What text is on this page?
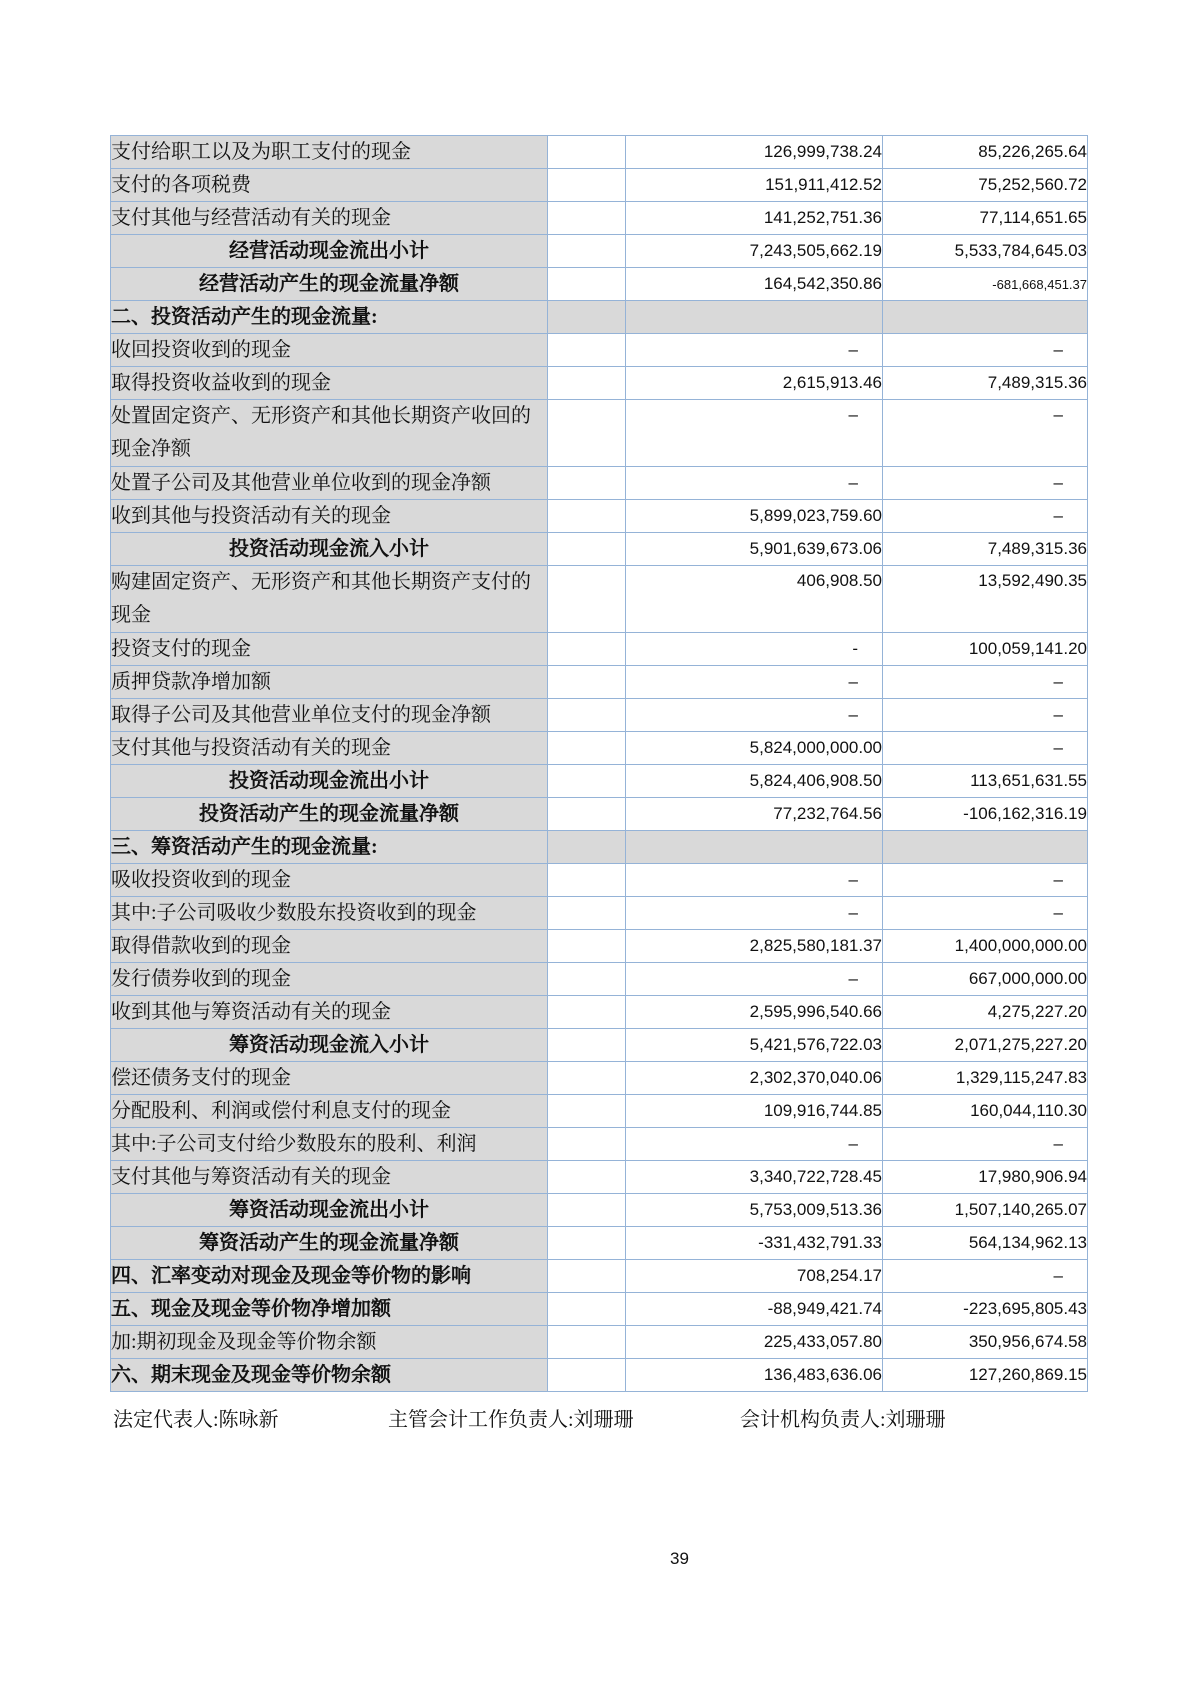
支付给职工以及为职工支付的现金		126,999,738.24	85,226,265.64
支付的各项税费		151,911,412.52	75,252,560.72
支付其他与经营活动有关的现金		141,252,751.36	77,114,651.65
经营活动现金流出小计		7,243,505,662.19	5,533,784,645.03
经营活动产生的现金流量净额		164,542,350.86	-681,668,451.37
二、投资活动产生的现金流量:			
收回投资收到的现金		–	–
取得投资收益收到的现金		2,615,913.46	7,489,315.36
处置固定资产、无形资产和其他长期资产收回的现金净额		–	–
处置子公司及其他营业单位收到的现金净额		–	–
收到其他与投资活动有关的现金		5,899,023,759.60	–
投资活动现金流入小计		5,901,639,673.06	7,489,315.36
购建固定资产、无形资产和其他长期资产支付的现金		406,908.50	13,592,490.35
投资支付的现金		-	100,059,141.20
质押贷款净增加额		–	–
取得子公司及其他营业单位支付的现金净额		–	–
支付其他与投资活动有关的现金		5,824,000,000.00	–
投资活动现金流出小计		5,824,406,908.50	113,651,631.55
投资活动产生的现金流量净额		77,232,764.56	-106,162,316.19
三、筹资活动产生的现金流量:			
吸收投资收到的现金		–	–
其中:子公司吸收少数股东投资收到的现金		–	–
取得借款收到的现金		2,825,580,181.37	1,400,000,000.00
发行债券收到的现金		–	667,000,000.00
收到其他与筹资活动有关的现金		2,595,996,540.66	4,275,227.20
筹资活动现金流入小计		5,421,576,722.03	2,071,275,227.20
偿还债务支付的现金		2,302,370,040.06	1,329,115,247.83
分配股利、利润或偿付利息支付的现金		109,916,744.85	160,044,110.30
其中:子公司支付给少数股东的股利、利润		–	–
支付其他与筹资活动有关的现金		3,340,722,728.45	17,980,906.94
筹资活动现金流出小计		5,753,009,513.36	1,507,140,265.07
筹资活动产生的现金流量净额		-331,432,791.33	564,134,962.13
四、汇率变动对现金及现金等价物的影响		708,254.17	–
五、现金及现金等价物净增加额		-88,949,421.74	-223,695,805.43
加:期初现金及现金等价物余额		225,433,057.80	350,956,674.58
六、期末现金及现金等价物余额		136,483,636.06	127,260,869.15
法定代表人:陈咏新	主管会计工作负责人:刘珊珊	会计机构负责人:刘珊珊
39
